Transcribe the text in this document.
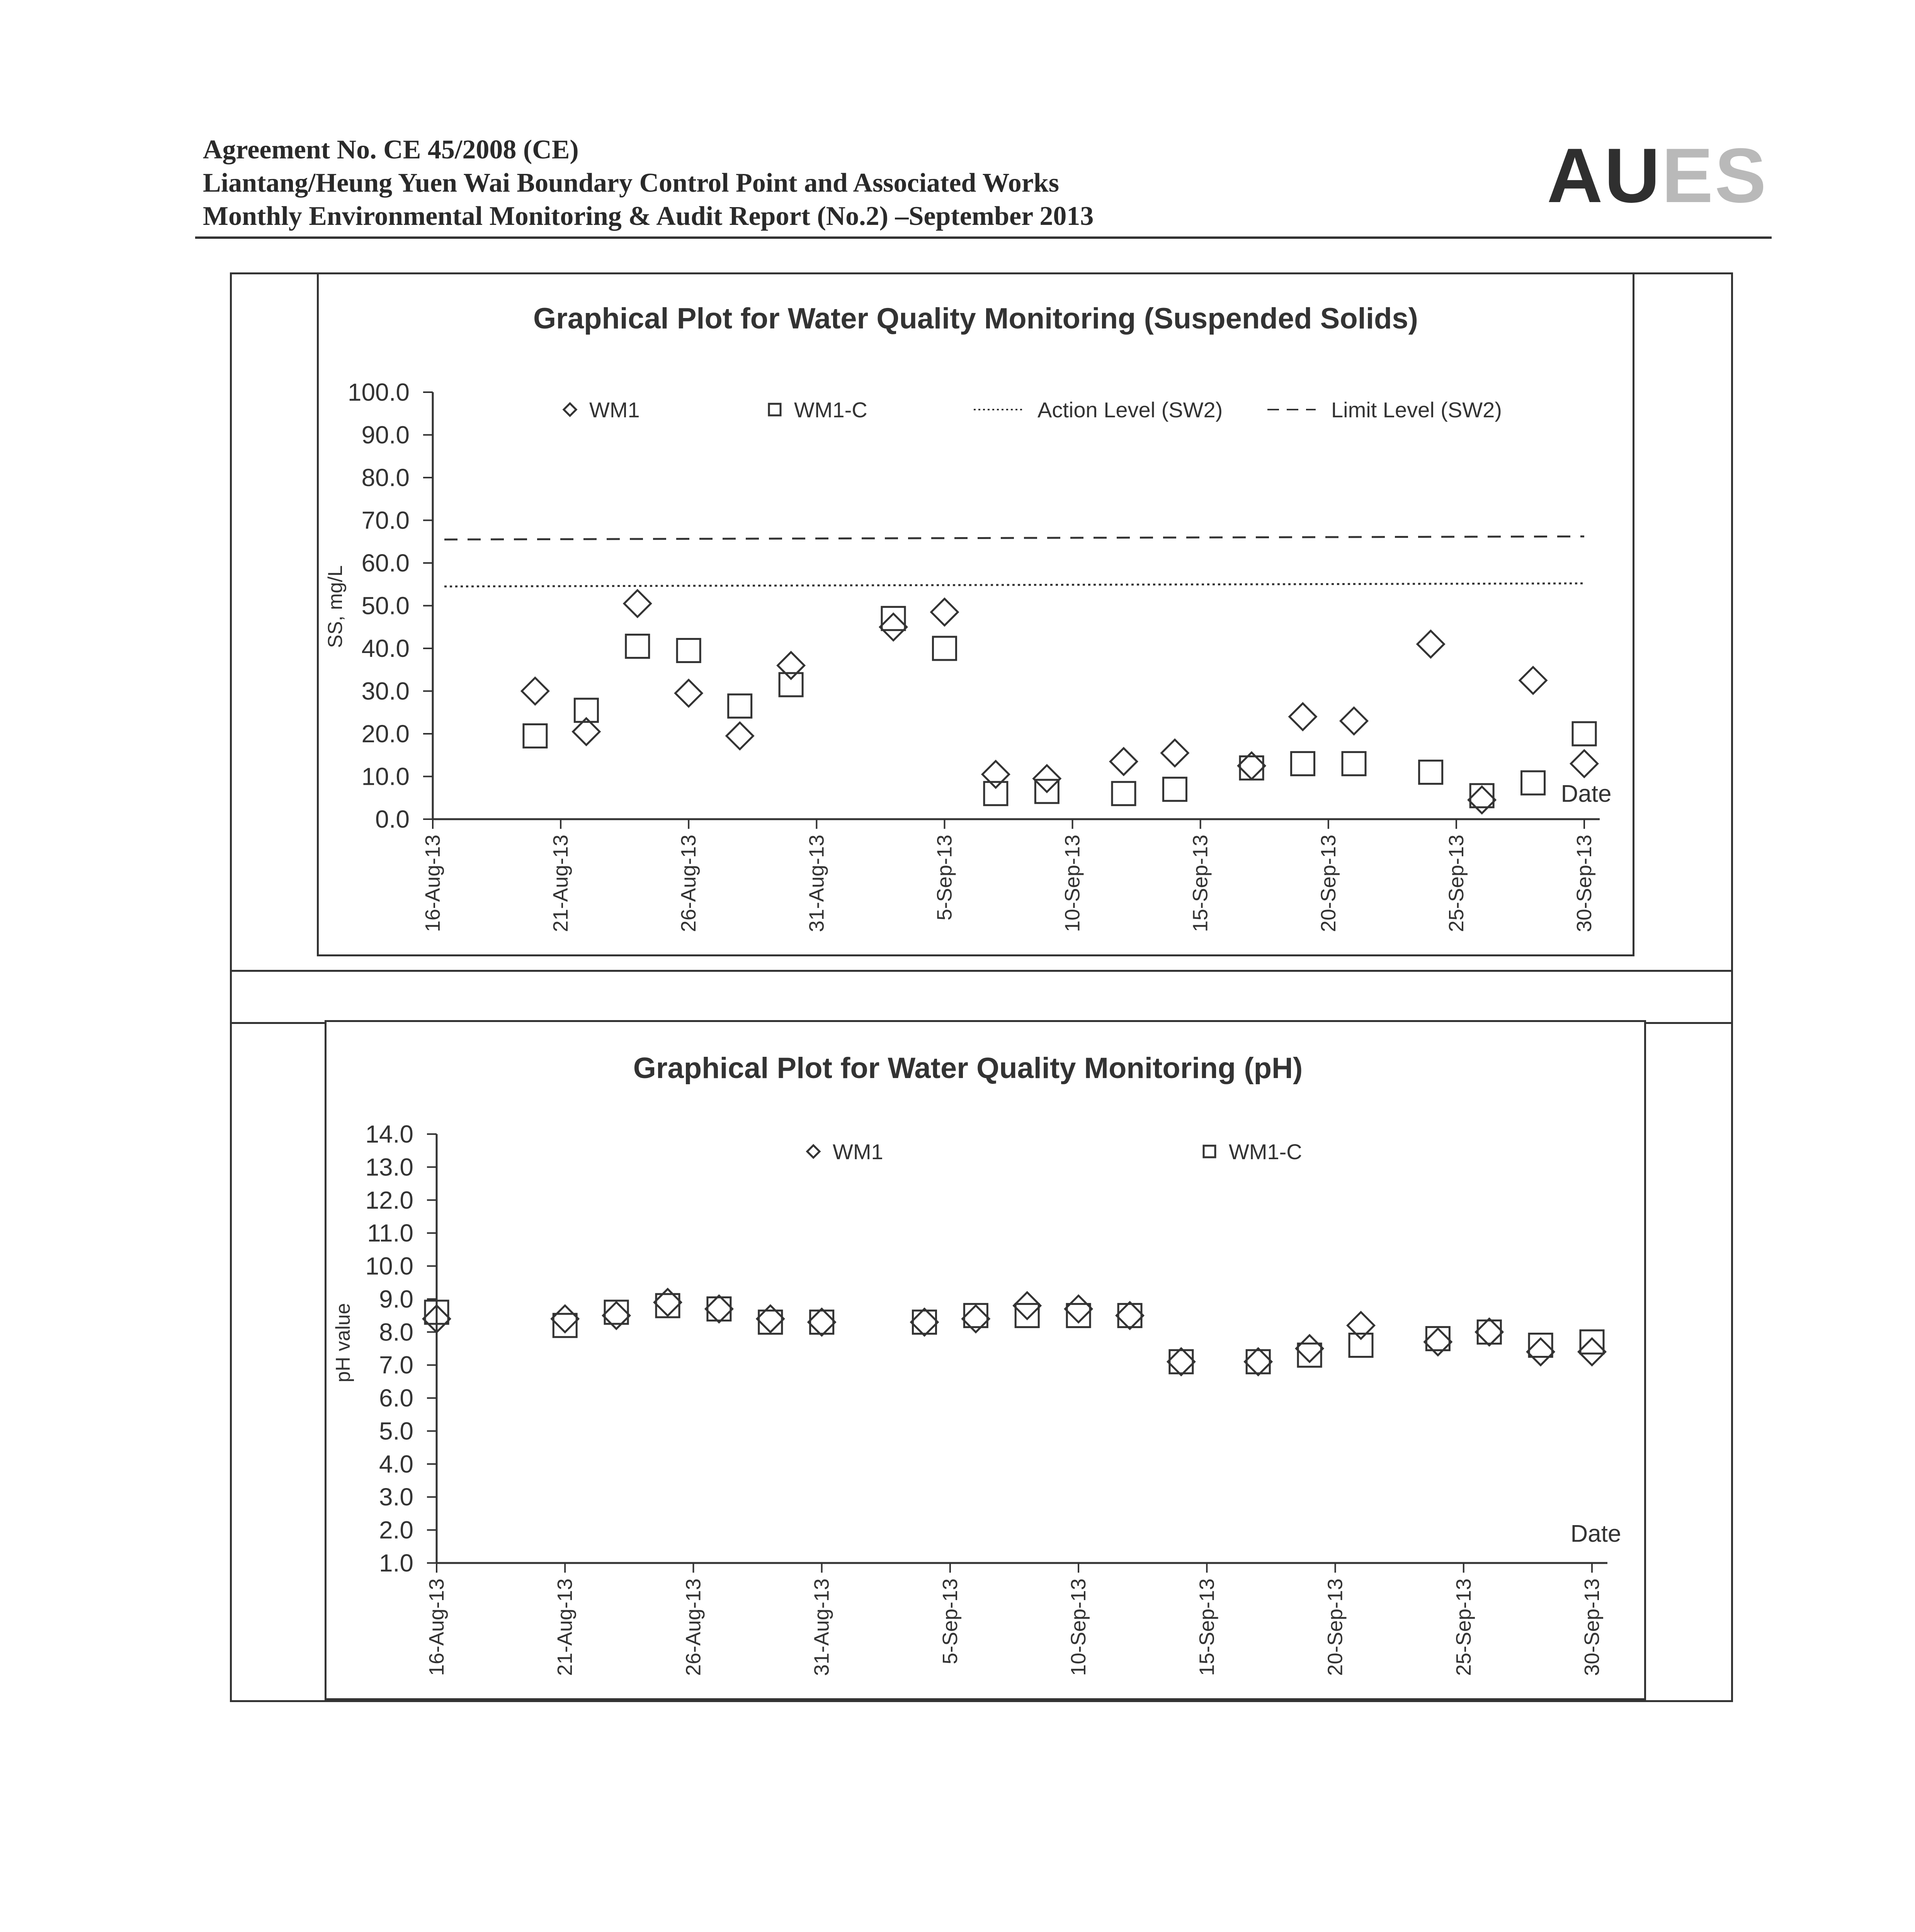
Agreement No. CE 45/2008 (CE)
Liantang/Heung Yuen Wai Boundary Control Point and Associated Works
Monthly Environmental Monitoring & Audit Report (No.2) –September 2013	AUES
Graphical Plot for Water Quality Monitoring (Suspended Solids)
0.0
10.0
20.0
30.0
40.0
50.0
60.0
70.0
80.0
90.0
100.0
16-Aug-13	21-Aug-13	26-Aug-13	31-Aug-13	5-Sep-13	10-Sep-13	15-Sep-13	20-Sep-13	25-Sep-13	30-Sep-13
Date
SS, mg/L
WM1	WM1-C	Action Level (SW2)	Limit Level (SW2)
Graphical Plot for Water Quality Monitoring (pH)
1.0
2.0
3.0
4.0
5.0
6.0
7.0
8.0
9.0
10.0
11.0
12.0
13.0
14.0
16-Aug-13	21-Aug-13	26-Aug-13	31-Aug-13	5-Sep-13	10-Sep-13	15-Sep-13	20-Sep-13	25-Sep-13	30-Sep-13
Date
pH value
WM1	WM1-C
